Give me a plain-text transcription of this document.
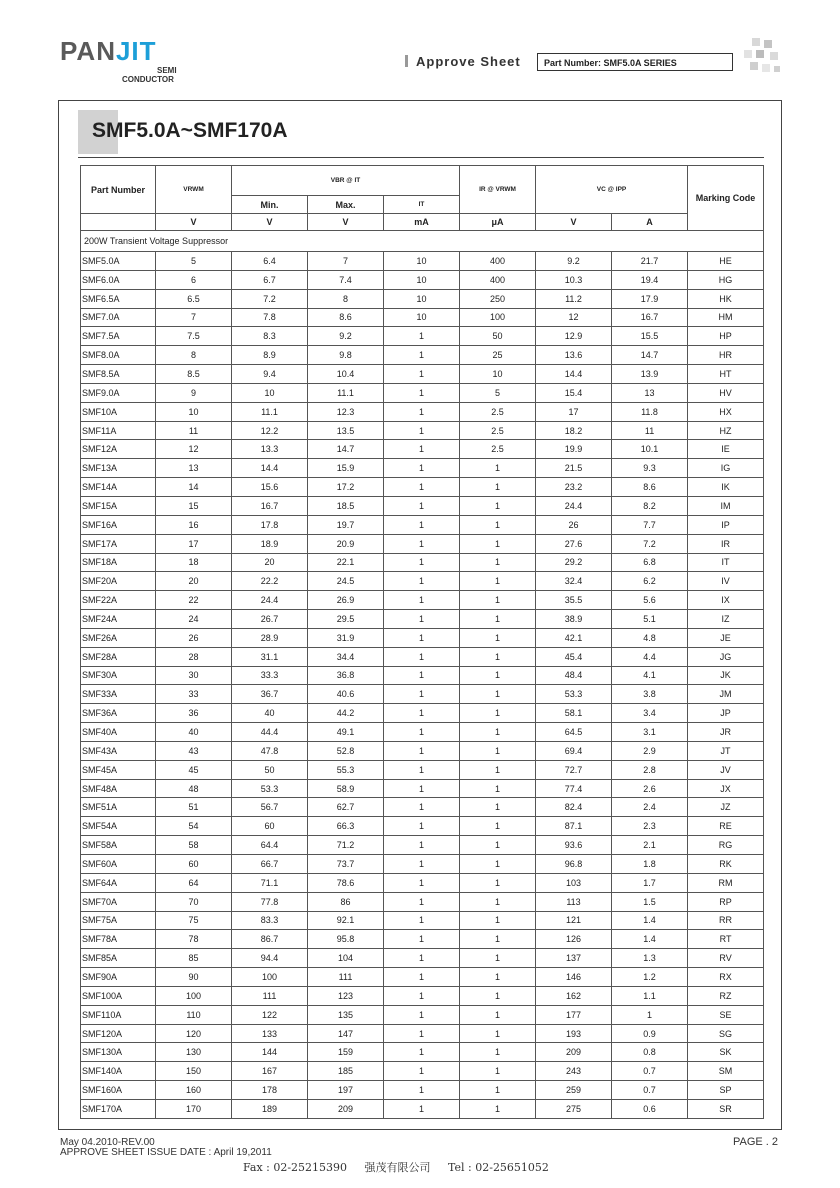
PANJIT
SEMI
CONDUCTOR
Approve Sheet	Part Number: SMF5.0A SERIES
SMF5.0A~SMF170A
Part Number	VRWM	VBR @ IT			IR @ VRWM	VC @ IPP		Marking Code
		Min.	Max.	IT				
	V	V	V	mA	μA	V	A	
200W Transient Voltage Suppressor								
SMF5.0A	5	6.4	7	10	400	9.2	21.7	HE
SMF6.0A	6	6.7	7.4	10	400	10.3	19.4	HG
SMF6.5A	6.5	7.2	8	10	250	11.2	17.9	HK
SMF7.0A	7	7.8	8.6	10	100	12	16.7	HM
SMF7.5A	7.5	8.3	9.2	1	50	12.9	15.5	HP
SMF8.0A	8	8.9	9.8	1	25	13.6	14.7	HR
SMF8.5A	8.5	9.4	10.4	1	10	14.4	13.9	HT
SMF9.0A	9	10	11.1	1	5	15.4	13	HV
SMF10A	10	11.1	12.3	1	2.5	17	11.8	HX
SMF11A	11	12.2	13.5	1	2.5	18.2	11	HZ
SMF12A	12	13.3	14.7	1	2.5	19.9	10.1	IE
SMF13A	13	14.4	15.9	1	1	21.5	9.3	IG
SMF14A	14	15.6	17.2	1	1	23.2	8.6	IK
SMF15A	15	16.7	18.5	1	1	24.4	8.2	IM
SMF16A	16	17.8	19.7	1	1	26	7.7	IP
SMF17A	17	18.9	20.9	1	1	27.6	7.2	IR
SMF18A	18	20	22.1	1	1	29.2	6.8	IT
SMF20A	20	22.2	24.5	1	1	32.4	6.2	IV
SMF22A	22	24.4	26.9	1	1	35.5	5.6	IX
SMF24A	24	26.7	29.5	1	1	38.9	5.1	IZ
SMF26A	26	28.9	31.9	1	1	42.1	4.8	JE
SMF28A	28	31.1	34.4	1	1	45.4	4.4	JG
SMF30A	30	33.3	36.8	1	1	48.4	4.1	JK
SMF33A	33	36.7	40.6	1	1	53.3	3.8	JM
SMF36A	36	40	44.2	1	1	58.1	3.4	JP
SMF40A	40	44.4	49.1	1	1	64.5	3.1	JR
SMF43A	43	47.8	52.8	1	1	69.4	2.9	JT
SMF45A	45	50	55.3	1	1	72.7	2.8	JV
SMF48A	48	53.3	58.9	1	1	77.4	2.6	JX
SMF51A	51	56.7	62.7	1	1	82.4	2.4	JZ
SMF54A	54	60	66.3	1	1	87.1	2.3	RE
SMF58A	58	64.4	71.2	1	1	93.6	2.1	RG
SMF60A	60	66.7	73.7	1	1	96.8	1.8	RK
SMF64A	64	71.1	78.6	1	1	103	1.7	RM
SMF70A	70	77.8	86	1	1	113	1.5	RP
SMF75A	75	83.3	92.1	1	1	121	1.4	RR
SMF78A	78	86.7	95.8	1	1	126	1.4	RT
SMF85A	85	94.4	104	1	1	137	1.3	RV
SMF90A	90	100	111	1	1	146	1.2	RX
SMF100A	100	111	123	1	1	162	1.1	RZ
SMF110A	110	122	135	1	1	177	1	SE
SMF120A	120	133	147	1	1	193	0.9	SG
SMF130A	130	144	159	1	1	209	0.8	SK
SMF140A	150	167	185	1	1	243	0.7	SM
SMF160A	160	178	197	1	1	259	0.7	SP
SMF170A	170	189	209	1	1	275	0.6	SR
May 04.2010-REV.00
APPROVE SHEET ISSUE DATE : April 19,2011
PAGE . 2
Fax : 02-25215390     强茂有限公司     Tel : 02-25651052
